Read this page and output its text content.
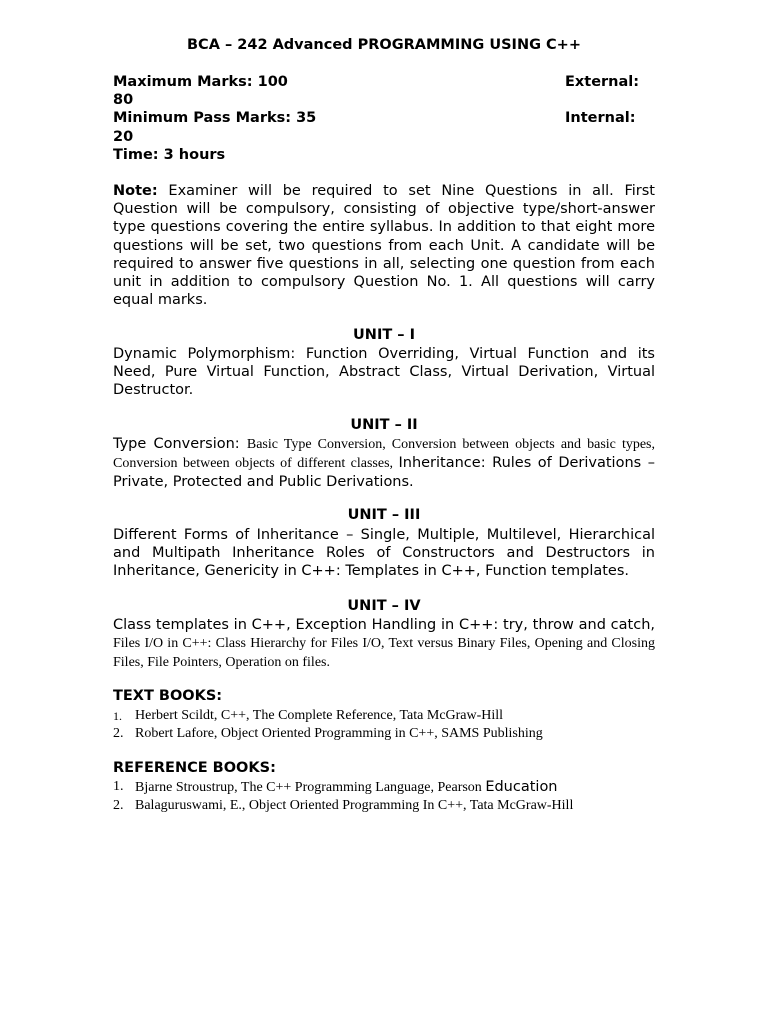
BCA – 242 Advanced PROGRAMMING USING C++
Maximum Marks: 100	External:
80
Minimum Pass Marks: 35	Internal:
20
Time: 3 hours
Note: Examiner will be required to set Nine Questions in all. First Question will be compulsory, consisting of objective type/short-answer type questions covering the entire syllabus. In addition to that eight more questions will be set, two questions from each Unit. A candidate will be required to answer five questions in all, selecting one question from each unit in addition to compulsory Question No. 1. All questions will carry equal marks.
UNIT – I
Dynamic Polymorphism: Function Overriding, Virtual Function and its Need, Pure Virtual Function, Abstract Class, Virtual Derivation, Virtual Destructor.
UNIT – II
Type Conversion: Basic Type Conversion, Conversion between objects and basic types, Conversion between objects of different classes, Inheritance: Rules of Derivations – Private, Protected and Public Derivations.
UNIT – III
Different Forms of Inheritance – Single, Multiple, Multilevel, Hierarchical and Multipath Inheritance Roles of Constructors and Destructors in Inheritance, Genericity in C++: Templates in C++, Function templates.
UNIT – IV
Class templates in C++, Exception Handling in C++: try, throw and catch, Files I/O in C++: Class Hierarchy for Files I/O, Text versus Binary Files, Opening and Closing Files, File Pointers, Operation on files.
TEXT BOOKS:
1. Herbert Scildt, C++, The Complete Reference, Tata McGraw-Hill
2. Robert Lafore, Object Oriented Programming in C++, SAMS Publishing
REFERENCE BOOKS:
1. Bjarne Stroustrup, The C++ Programming Language, Pearson Education
2. Balaguruswami, E., Object Oriented Programming In C++, Tata McGraw-Hill
